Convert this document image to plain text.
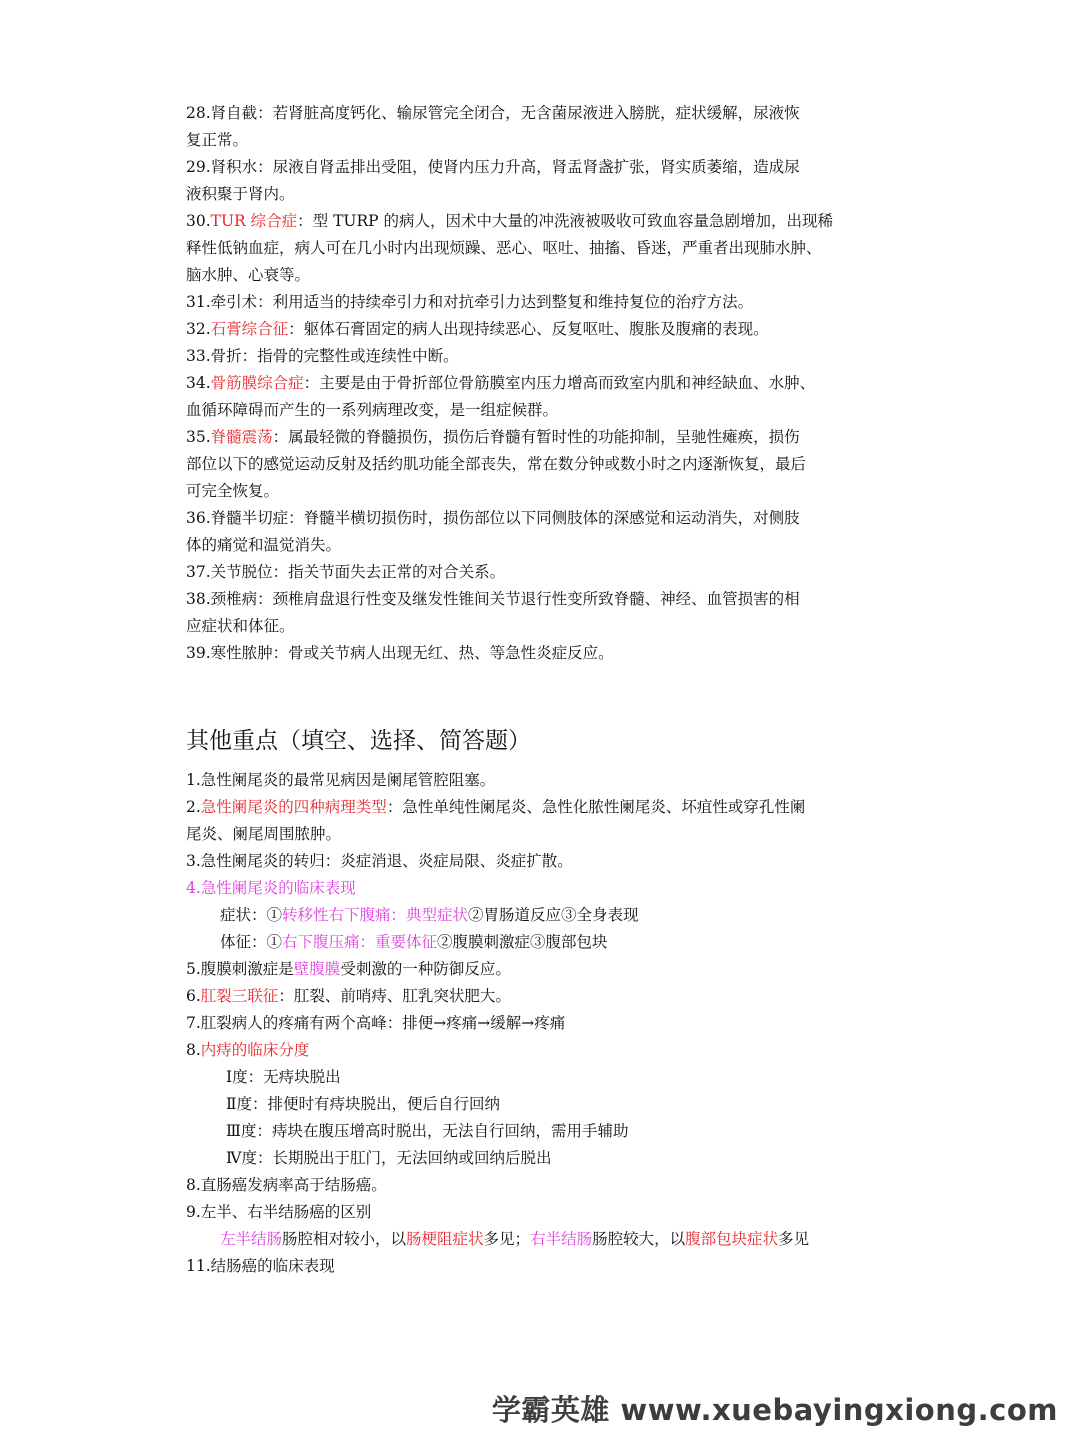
28.肾自截：若肾脏高度钙化、输尿管完全闭合，无含菌尿液进入膀胱，症状缓解，尿液恢
复正常。
29.肾积水：尿液自肾盂排出受阻，使肾内压力升高，肾盂肾盏扩张，肾实质萎缩，造成尿
液积聚于肾内。
30.TUR 综合症：型 TURP 的病人，因术中大量的冲洗液被吸收可致血容量急剧增加，出现稀
释性低钠血症，病人可在几小时内出现烦躁、恶心、呕吐、抽搐、昏迷，严重者出现肺水肿、
脑水肿、心衰等。
31.牵引术：利用适当的持续牵引力和对抗牵引力达到整复和维持复位的治疗方法。
32.石膏综合征：躯体石膏固定的病人出现持续恶心、反复呕吐、腹胀及腹痛的表现。
33.骨折：指骨的完整性或连续性中断。
34.骨筋膜综合症：主要是由于骨折部位骨筋膜室内压力增高而致室内肌和神经缺血、水肿、
血循环障碍而产生的一系列病理改变，是一组症候群。
35.脊髓震荡：属最轻微的脊髓损伤，损伤后脊髓有暂时性的功能抑制，呈驰性瘫痪，损伤
部位以下的感觉运动反射及括约肌功能全部丧失，常在数分钟或数小时之内逐渐恢复，最后
可完全恢复。
36.脊髓半切症：脊髓半横切损伤时，损伤部位以下同侧肢体的深感觉和运动消失，对侧肢
体的痛觉和温觉消失。
37.关节脱位：指关节面失去正常的对合关系。
38.颈椎病：颈椎肩盘退行性变及继发性锥间关节退行性变所致脊髓、神经、血管损害的相
应症状和体征。
39.寒性脓肿：骨或关节病人出现无红、热、等急性炎症反应。
其他重点（填空、选择、简答题）
1.急性阑尾炎的最常见病因是阑尾管腔阻塞。
2.急性阑尾炎的四种病理类型：急性单纯性阑尾炎、急性化脓性阑尾炎、坏疽性或穿孔性阑
尾炎、阑尾周围脓肿。
3.急性阑尾炎的转归：炎症消退、炎症局限、炎症扩散。
4.急性阑尾炎的临床表现
症状：①转移性右下腹痛：典型症状②胃肠道反应③全身表现
体征：①右下腹压痛：重要体征②腹膜刺激症③腹部包块
5.腹膜刺激症是壁腹膜受刺激的一种防御反应。
6.肛裂三联征：肛裂、前哨痔、肛乳突状肥大。
7.肛裂病人的疼痛有两个高峰：排便→疼痛→缓解→疼痛
8.内痔的临床分度
Ⅰ度：无痔块脱出
Ⅱ度：排便时有痔块脱出，便后自行回纳
Ⅲ度：痔块在腹压增高时脱出，无法自行回纳，需用手辅助
Ⅳ度：长期脱出于肛门，无法回纳或回纳后脱出
8.直肠癌发病率高于结肠癌。
9.左半、右半结肠癌的区别
左半结肠肠腔相对较小，以肠梗阻症状多见；右半结肠肠腔较大，以腹部包块症状多见
11.结肠癌的临床表现
学霸英雄 www.xuebayingxiong.com
